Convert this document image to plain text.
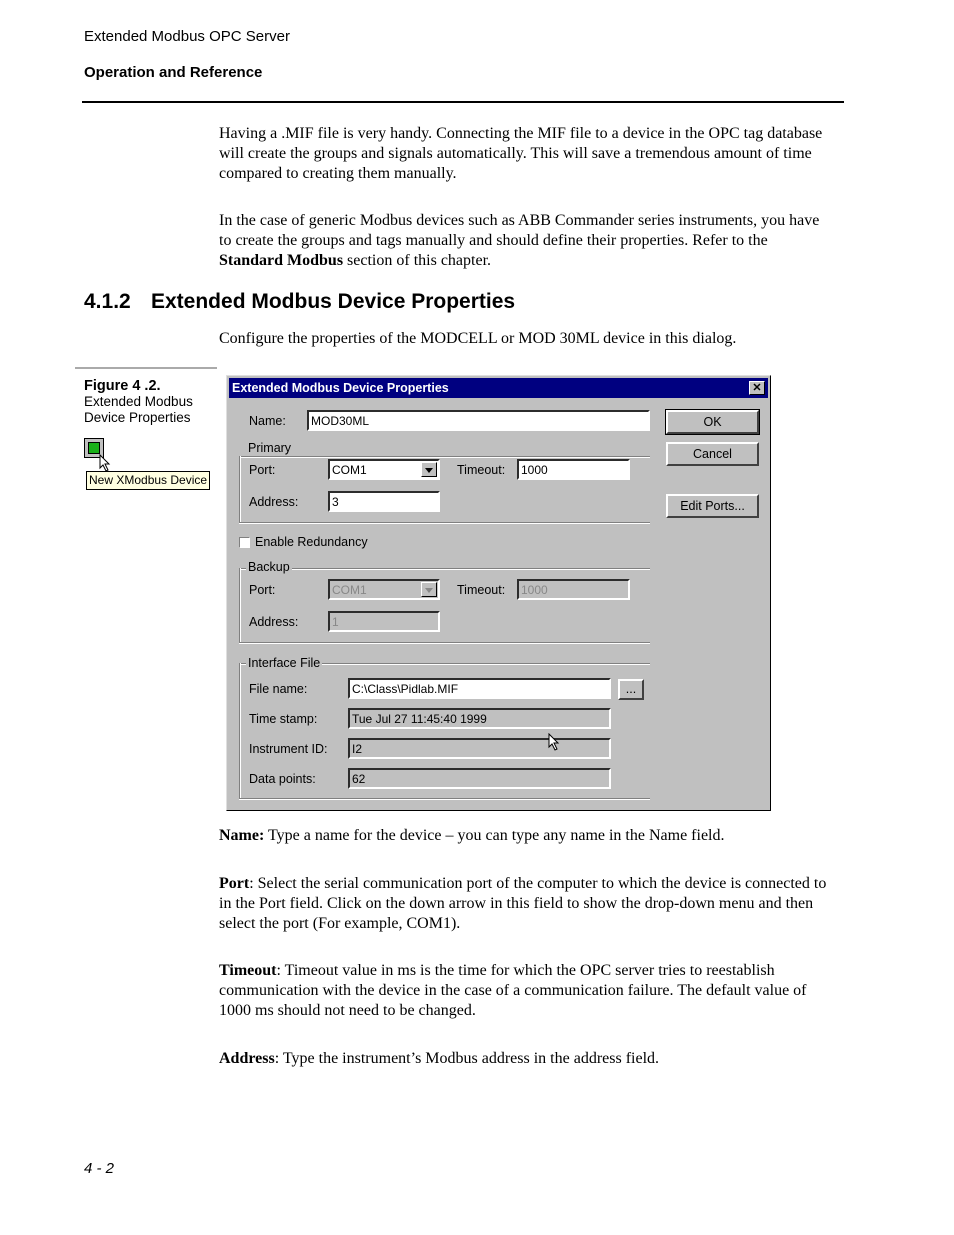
Extended Modbus OPC Server
Operation and Reference
Having a .MIF file is very handy. Connecting the MIF file to a device in the OPC tag database will create the groups and signals automatically. This will save a tremendous amount of time compared to creating them manually.
In the case of generic Modbus devices such as ABB Commander series instruments, you have to create the groups and tags manually and should define their properties. Refer to the Standard Modbus section of this chapter.
4.1.2 Extended Modbus Device Properties
Configure the properties of the MODCELL or MOD 30ML device in this dialog.
Figure 4 .2.
Extended Modbus
Device Properties
New XModbus Device
Extended Modbus Device Properties	✕
Name:	MOD30ML	OK
Cancel
Edit Ports...
Primary
Port:	COM1	Timeout:	1000
Address:	3
Enable Redundancy
Backup
Port:	COM1	Timeout:	1000
Address:	1
Interface File
File name:	C:\Class\Pidlab.MIF	...
Time stamp:	Tue Jul 27 11:45:40 1999
Instrument ID:	I2
Data points:	62
Name: Type a name for the device – you can type any name in the Name field.
Port: Select the serial communication port of the computer to which the device is connected to in the Port field. Click on the down arrow in this field to show the drop-down menu and then select the port (For example, COM1).
Timeout: Timeout value in ms is the time for which the OPC server tries to reestablish communication with the device in the case of a communication failure. The default value of 1000 ms should not need to be changed.
Address: Type the instrument’s Modbus address in the address field.
4 - 2
